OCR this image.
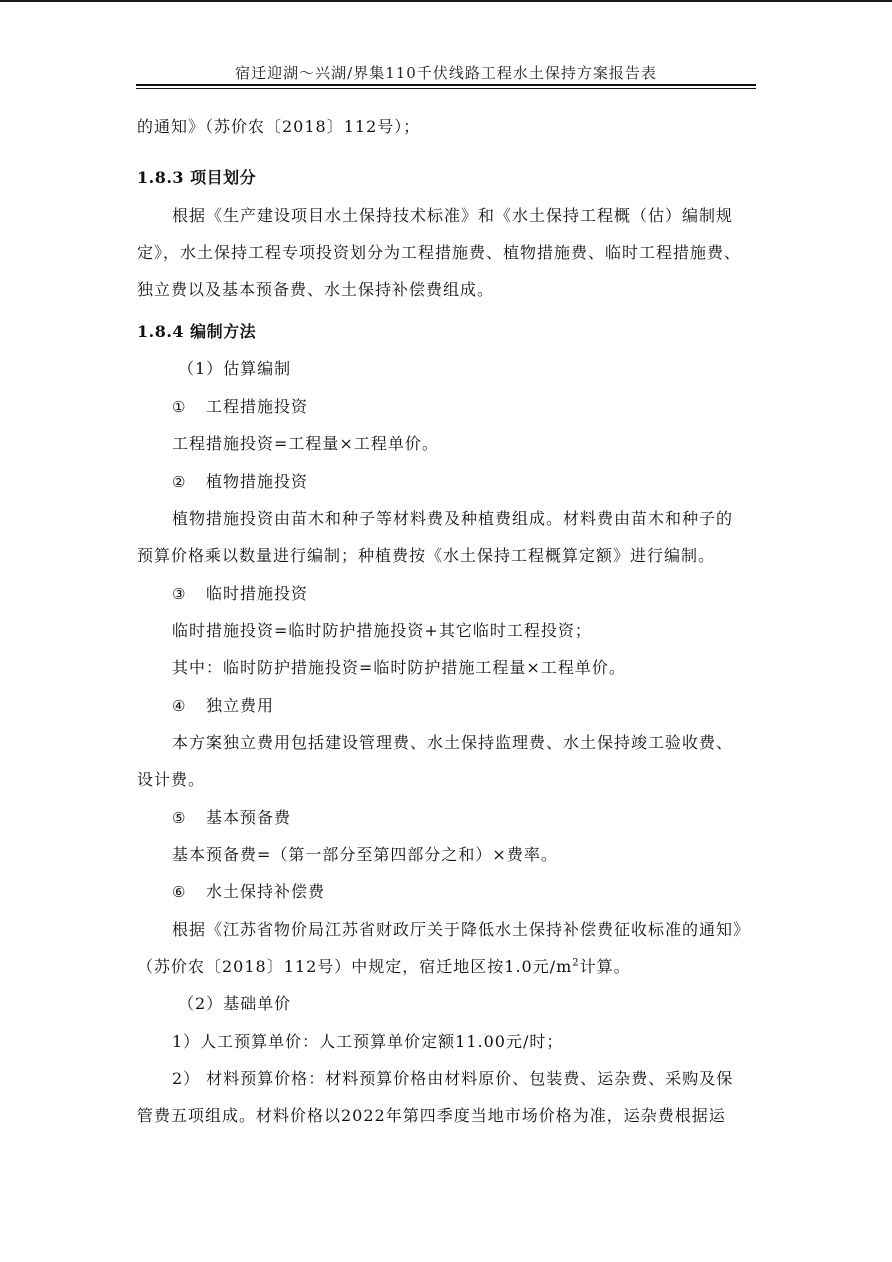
宿迁迎湖～兴湖/界集110千伏线路工程水土保持方案报告表
的通知》（苏价农〔2018〕112号）；
1.8.3 项目划分
根据《生产建设项目水土保持技术标准》和《水土保持工程概（估）编制规
定》，水土保持工程专项投资划分为工程措施费、植物措施费、临时工程措施费、
独立费以及基本预备费、水土保持补偿费组成。
1.8.4 编制方法
（1）估算编制
① 工程措施投资
工程措施投资=工程量×工程单价。
② 植物措施投资
植物措施投资由苗木和种子等材料费及种植费组成。材料费由苗木和种子的
预算价格乘以数量进行编制；种植费按《水土保持工程概算定额》进行编制。
③ 临时措施投资
临时措施投资=临时防护措施投资+其它临时工程投资；
其中：临时防护措施投资=临时防护措施工程量×工程单价。
④ 独立费用
本方案独立费用包括建设管理费、水土保持监理费、水土保持竣工验收费、
设计费。
⑤ 基本预备费
基本预备费=（第一部分至第四部分之和）×费率。
⑥ 水土保持补偿费
根据《江苏省物价局江苏省财政厅关于降低水土保持补偿费征收标准的通知》
（苏价农〔2018〕112号）中规定，宿迁地区按1.0元$/m^2$计算。
（2）基础单价
1）人工预算单价：人工预算单价定额11.00元/时；
2） 材料预算价格：材料预算价格由材料原价、包装费、运杂费、采购及保
管费五项组成。材料价格以2022年第四季度当地市场价格为准，运杂费根据运
